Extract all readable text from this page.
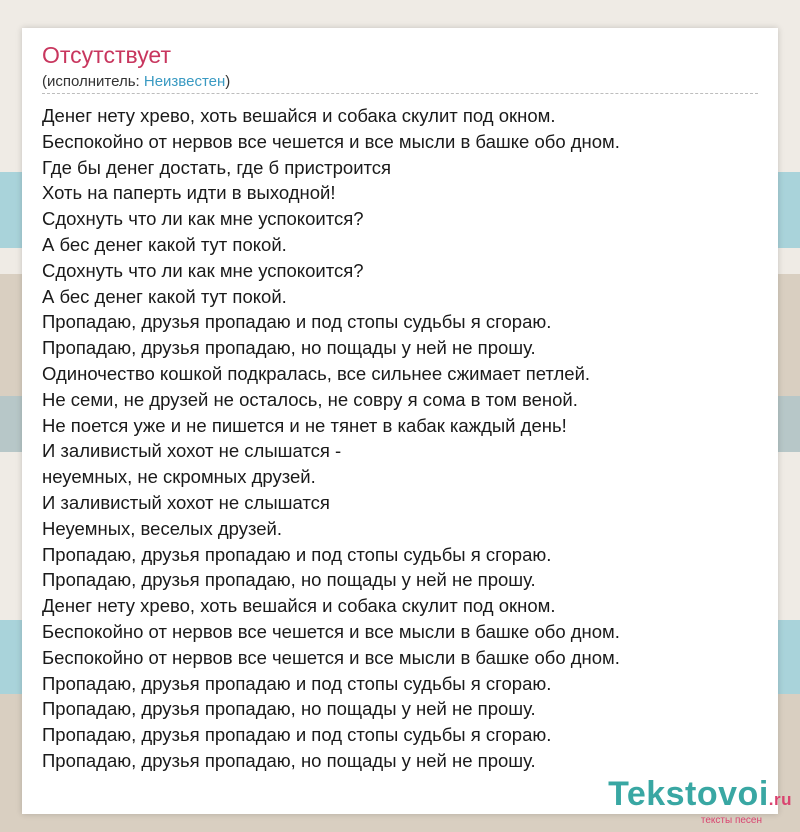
Отсутствует
(исполнитель: Неизвестен)
Денег нету хрево, хоть вешайся и собака скулит под окном.
Беспокойно от нервов все чешется и все мысли в башке обо дном.
Где бы денег достать, где б пристроится
Хоть на паперть идти в выходной!
Сдохнуть что ли как мне успокоится?
А бес денег какой тут покой.
Сдохнуть что ли как мне успокоится?
А бес денег какой тут покой.
Пропадаю, друзья пропадаю и под стопы судьбы я сгораю.
Пропадаю, друзья пропадаю, но пощады у ней не прошу.
Одиночество кошкой подкралась, все сильнее сжимает петлей.
Не семи, не друзей не осталось, не соврy я сома в том веной.
Не поется уже и не пишется и не тянет в кабак каждый день!
И заливистый хохот не слышатся -
неуемных, не скромных друзей.
И заливистый хохот не слышатся
Неуемных, веселых друзей.
Пропадаю, друзья пропадаю и под стопы судьбы я сгораю.
Пропадаю, друзья пропадаю, но пощады у ней не прошу.
Денег нету хрево, хоть вешайся и собака скулит под окном.
Беспокойно от нервов все чешется и все мысли в башке обо дном.
Беспокойно от нервов все чешется и все мысли в башке обо дном.
Пропадаю, друзья пропадаю и под стопы судьбы я сгораю.
Пропадаю, друзья пропадаю, но пощады у ней не прошу.
Пропадаю, друзья пропадаю и под стопы судьбы я сгораю.
Пропадаю, друзья пропадаю, но пощады у ней не прошу.
Tekstovoi.ru
тексты песен
